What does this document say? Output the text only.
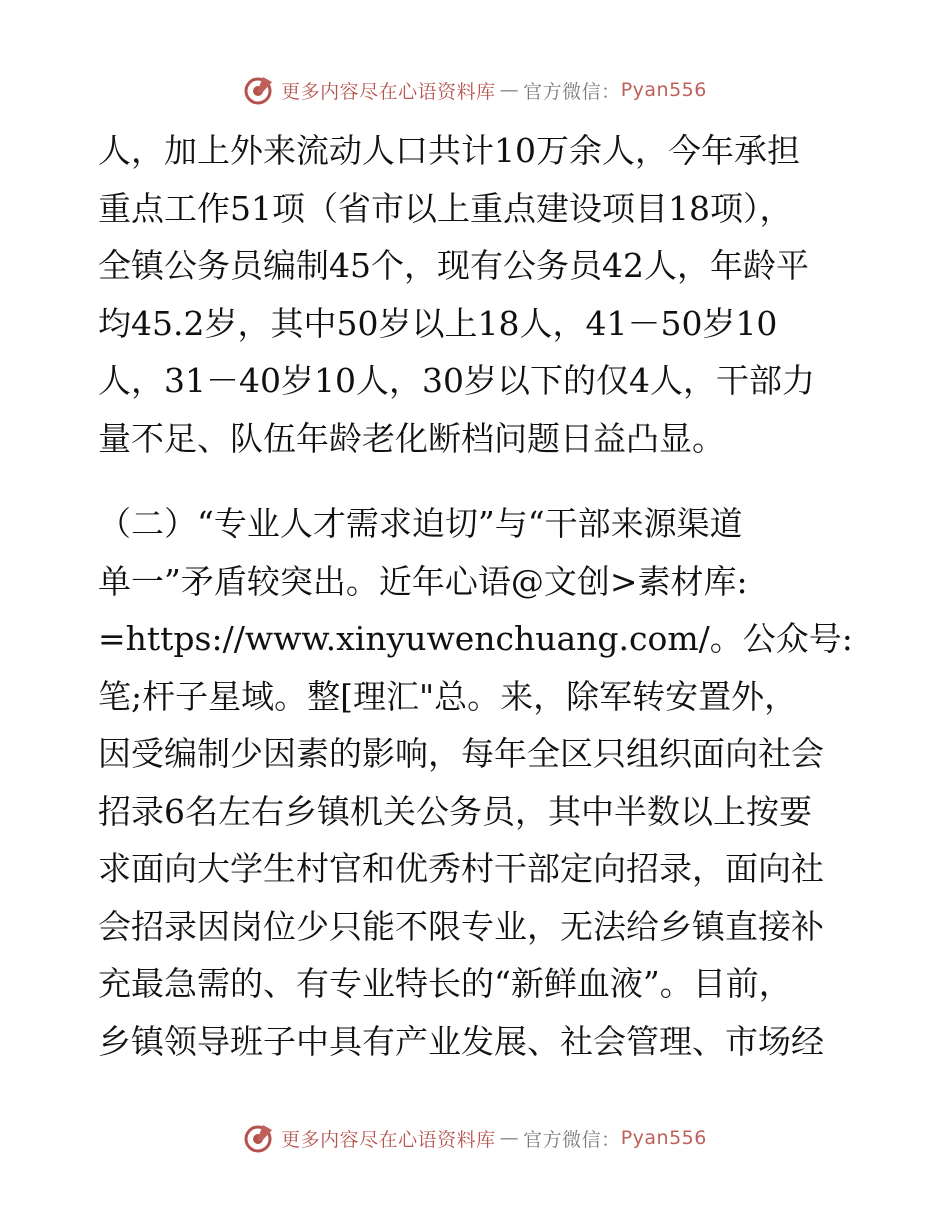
更多内容尽在心语资料库 — 官方微信： Pyan556
人，加上外来流动人口共计10万余人，今年承担
重点工作51项（省市以上重点建设项目18项），
全镇公务员编制45个，现有公务员42人，年龄平
均45.2岁，其中50岁以上18人，41－50岁10
人，31－40岁10人，30岁以下的仅4人，干部力
量不足、队伍年龄老化断档问题日益凸显。
（二）“专业人才需求迫切”与“干部来源渠道
单一”矛盾较突出。近年心语@文创>素材库:
=https://www.xinyuwenchuang.com/。公众号:
笔;杆子星域。整[理汇"总。来，除军转安置外，
因受编制少因素的影响，每年全区只组织面向社会
招录6名左右乡镇机关公务员，其中半数以上按要
求面向大学生村官和优秀村干部定向招录，面向社
会招录因岗位少只能不限专业，无法给乡镇直接补
充最急需的、有专业特长的“新鲜血液”。目前，
乡镇领导班子中具有产业发展、社会管理、市场经
更多内容尽在心语资料库 — 官方微信： Pyan556
